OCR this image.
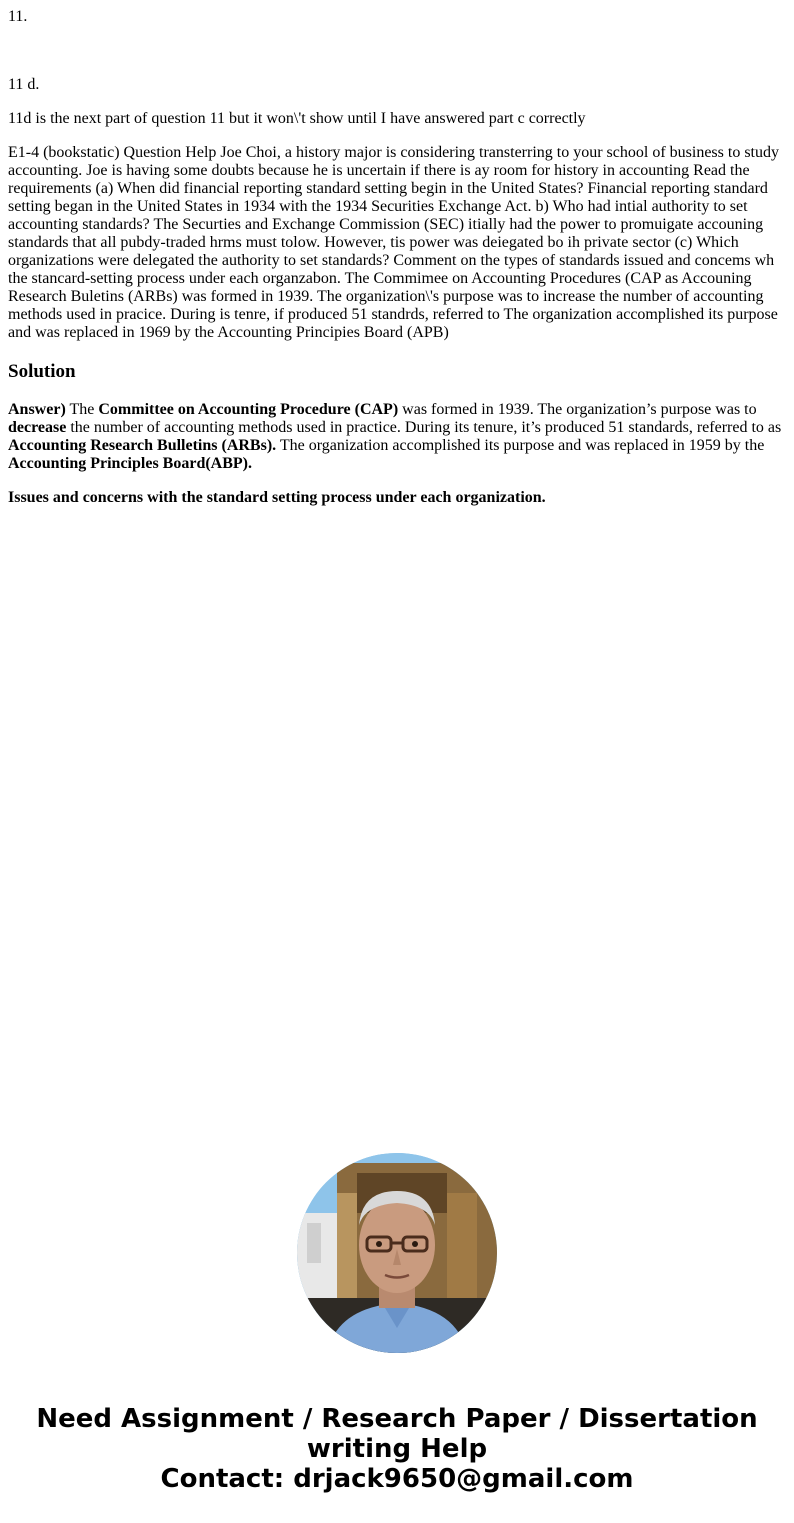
11.

11 d.

11d is the next part of question 11 but it won\'t show until I have answered part c correctly

E1-4 (bookstatic) Question Help Joe Choi, a history major is considering transterring to your school of business to study accounting. Joe is having some doubts because he is uncertain if there is ay room for history in accounting Read the requirements (a) When did financial reporting standard setting begin in the United States? Financial reporting standard setting began in the United States in 1934 with the 1934 Securities Exchange Act. b) Who had intial authority to set accounting standards? The Securties and Exchange Commission (SEC) itially had the power to promuigate accouning standards that all pubdy-traded hrms must tolow. However, tis power was deiegated bo ih private sector (c) Which organizations were delegated the authority to set standards? Comment on the types of standards issued and concems wh the stancard-setting process under each organzabon. The Commimee on Accounting Procedures (CAP as Accouning Research Buletins (ARBs) was formed in 1939. The organization\'s purpose was to increase the number of accounting methods used in pracice. During is tenre, if produced 51 standrds, referred to The organization accomplished its purpose and was replaced in 1969 by the Accounting Principies Board (APB)

Solution

Answer) The Committee on Accounting Procedure (CAP) was formed in 1939. The organization’s purpose was to decrease the number of accounting methods used in practice. During its tenure, it’s produced 51 standards, referred to as Accounting Research Bulletins (ARBs). The organization accomplished its purpose and was replaced in 1959 by the Accounting Principles Board(ABP).

Issues and concerns with the standard setting process under each organization.

Need Assignment / Research Paper / Dissertation
writing Help
Contact: drjack9650@gmail.com
